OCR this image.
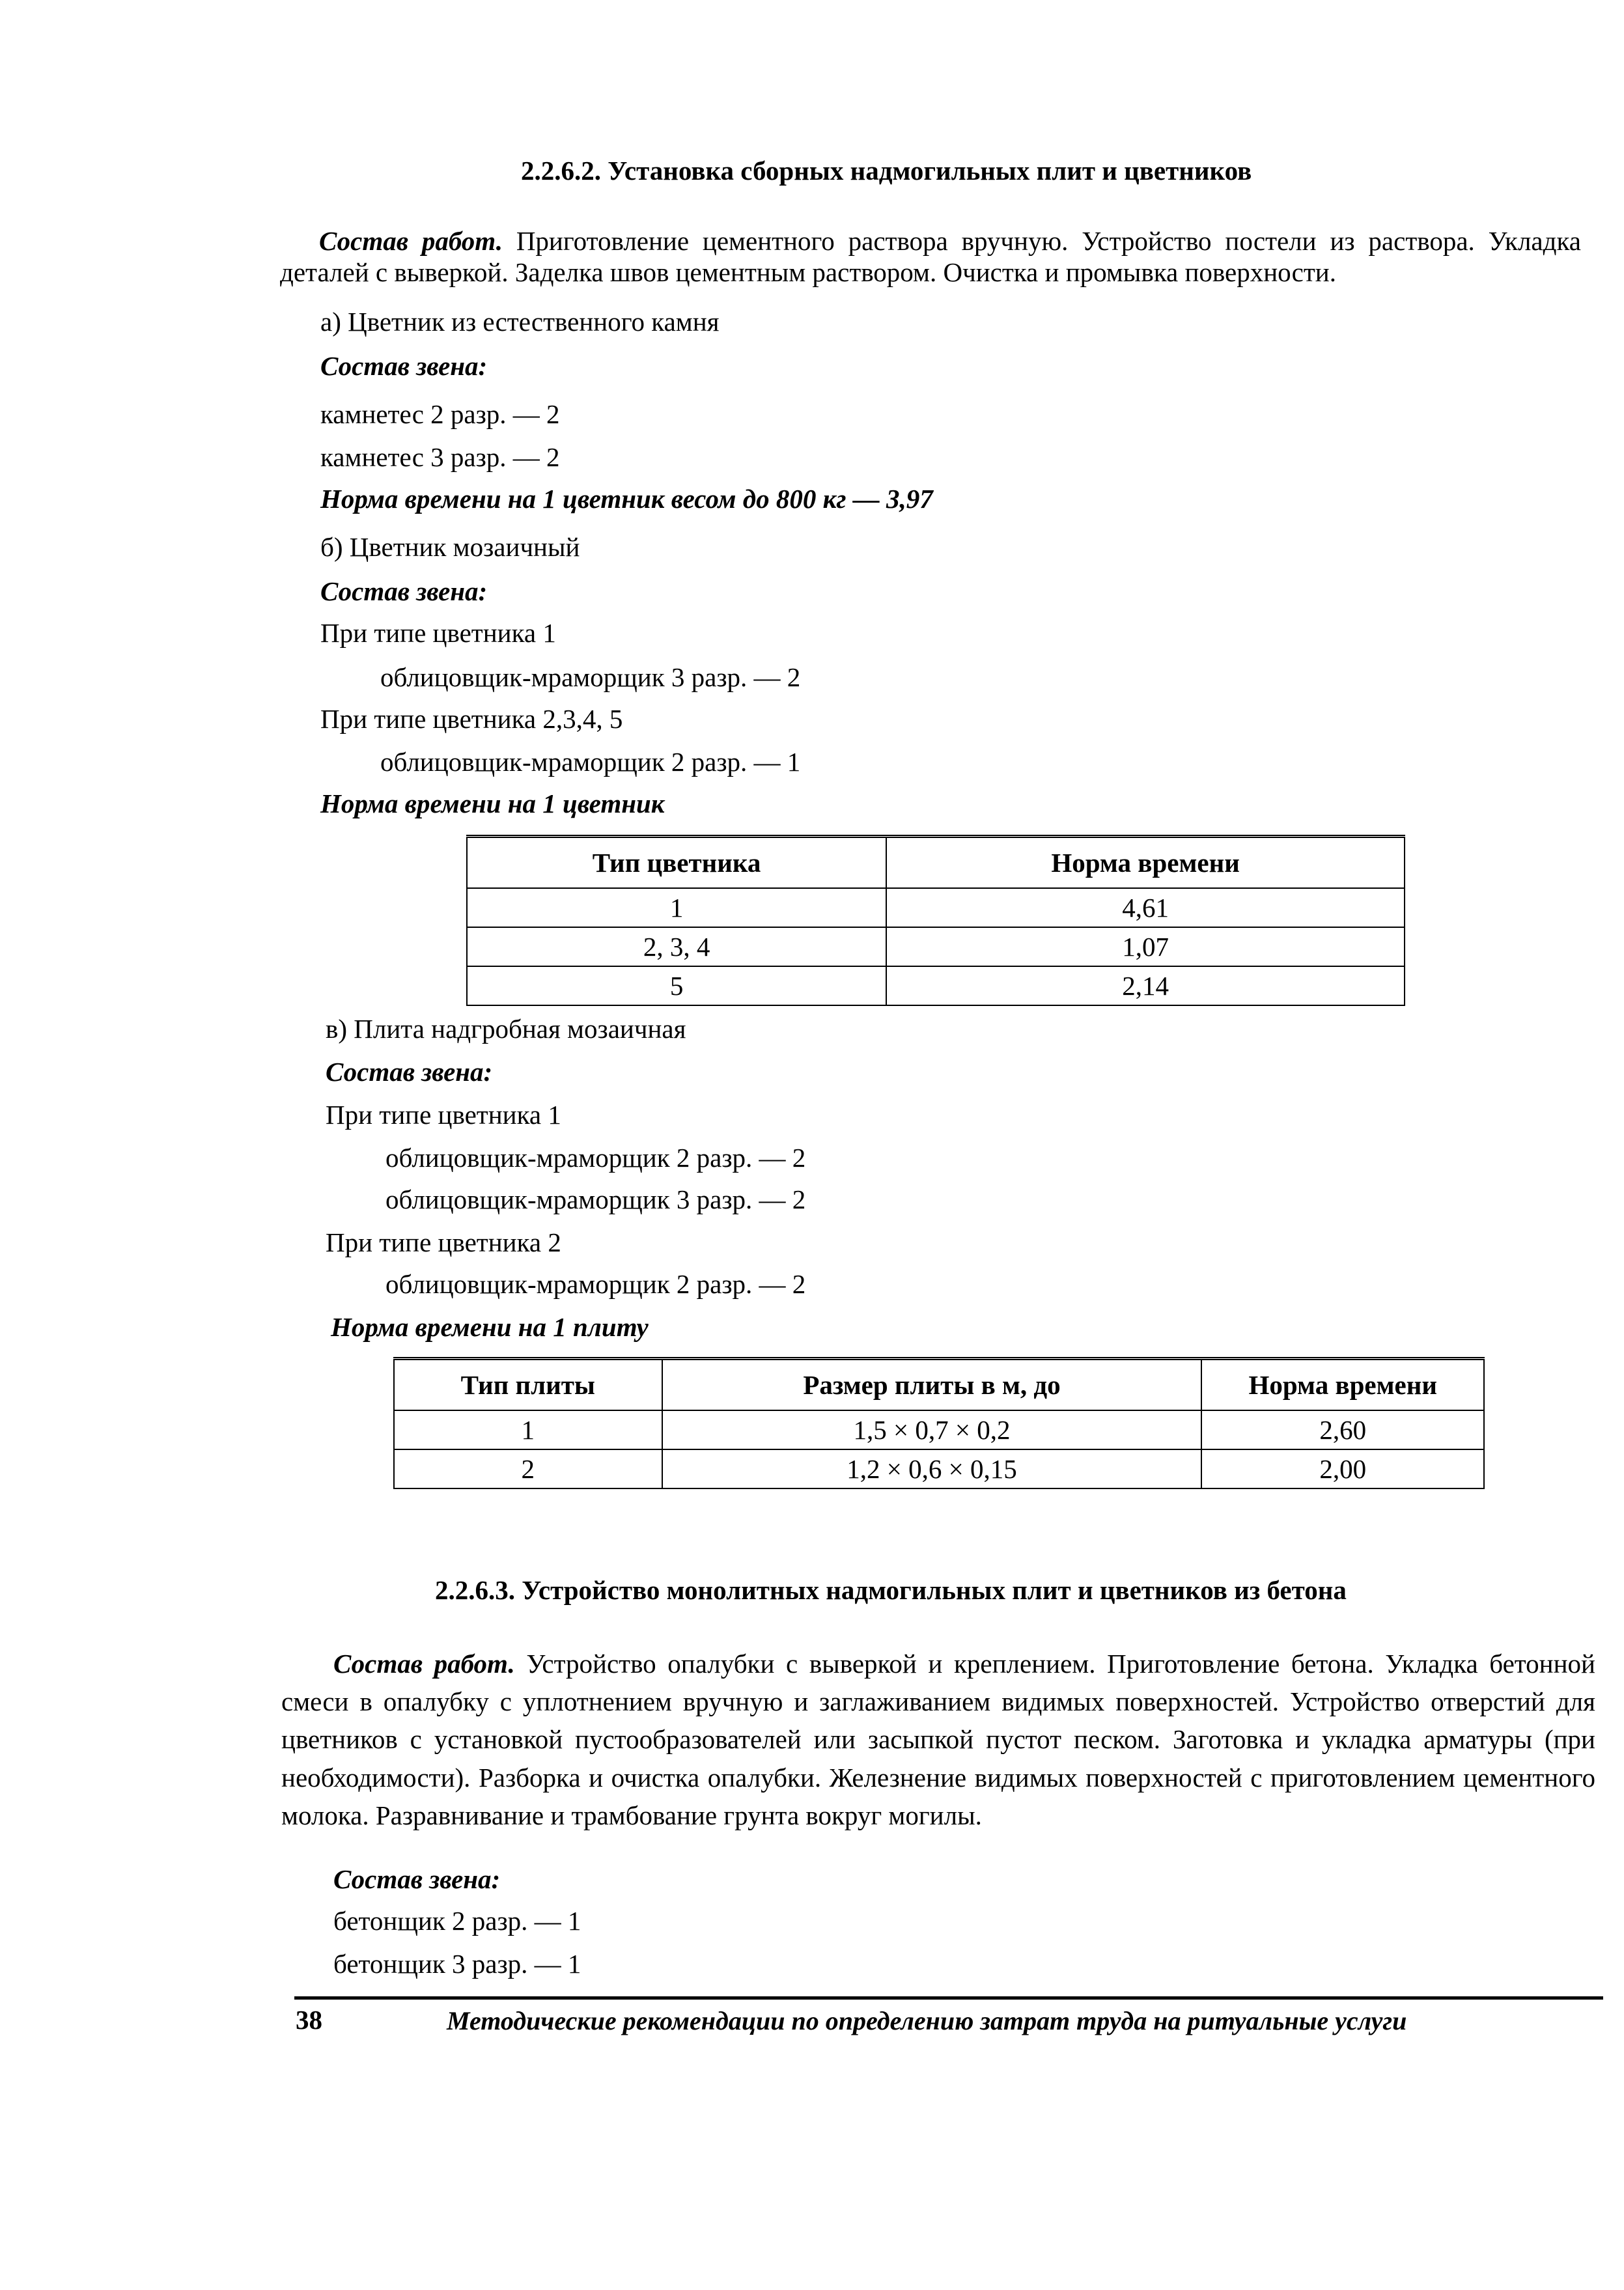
2.2.6.2. Установка сборных надмогильных плит и цветников
Состав работ. Приготовление цементного раствора вручную. Устройство постели из раствора. Укладка деталей с выверкой. Заделка швов цементным раствором. Очистка и промывка поверхности.
а) Цветник из естественного камня
Состав звена:
камнетес 2 разр. — 2
камнетес 3 разр. — 2
Норма времени на 1 цветник весом до 800 кг — 3,97
б) Цветник мозаичный
Состав звена:
При типе цветника 1
облицовщик-мраморщик 3 разр. — 2
При типе цветника 2,3,4, 5
облицовщик-мраморщик 2 разр. — 1
Норма времени на 1 цветник
Тип цветника	Норма времени
1	4,61
2, 3, 4	1,07
5	2,14
в) Плита надгробная мозаичная
Состав звена:
При типе цветника 1
облицовщик-мраморщик 2 разр. — 2
облицовщик-мраморщик 3 разр. — 2
При типе цветника 2
облицовщик-мраморщик 2 разр. — 2
Норма времени на 1 плиту
Тип плиты	Размер плиты в м, до	Норма времени
1	1,5 × 0,7 × 0,2	2,60
2	1,2 × 0,6 × 0,15	2,00
2.2.6.3. Устройство монолитных надмогильных плит и цветников из бетона
Состав работ. Устройство опалубки с выверкой и креплением. Приготовление бетона. Укладка бетонной смеси в опалубку с уплотнением вручную и заглаживанием видимых поверхностей. Устройство отверстий для цветников с установкой пустообразователей или засыпкой пустот песком. Заготовка и укладка арматуры (при необходимости). Разборка и очистка опалубки. Железнение видимых поверхностей с приготовлением цементного молока. Разравнивание и трамбование грунта вокруг могилы.
Состав звена:
бетонщик 2 разр. — 1
бетонщик 3 разр. — 1
38	Методические рекомендации по определению затрат труда на ритуальные услуги
